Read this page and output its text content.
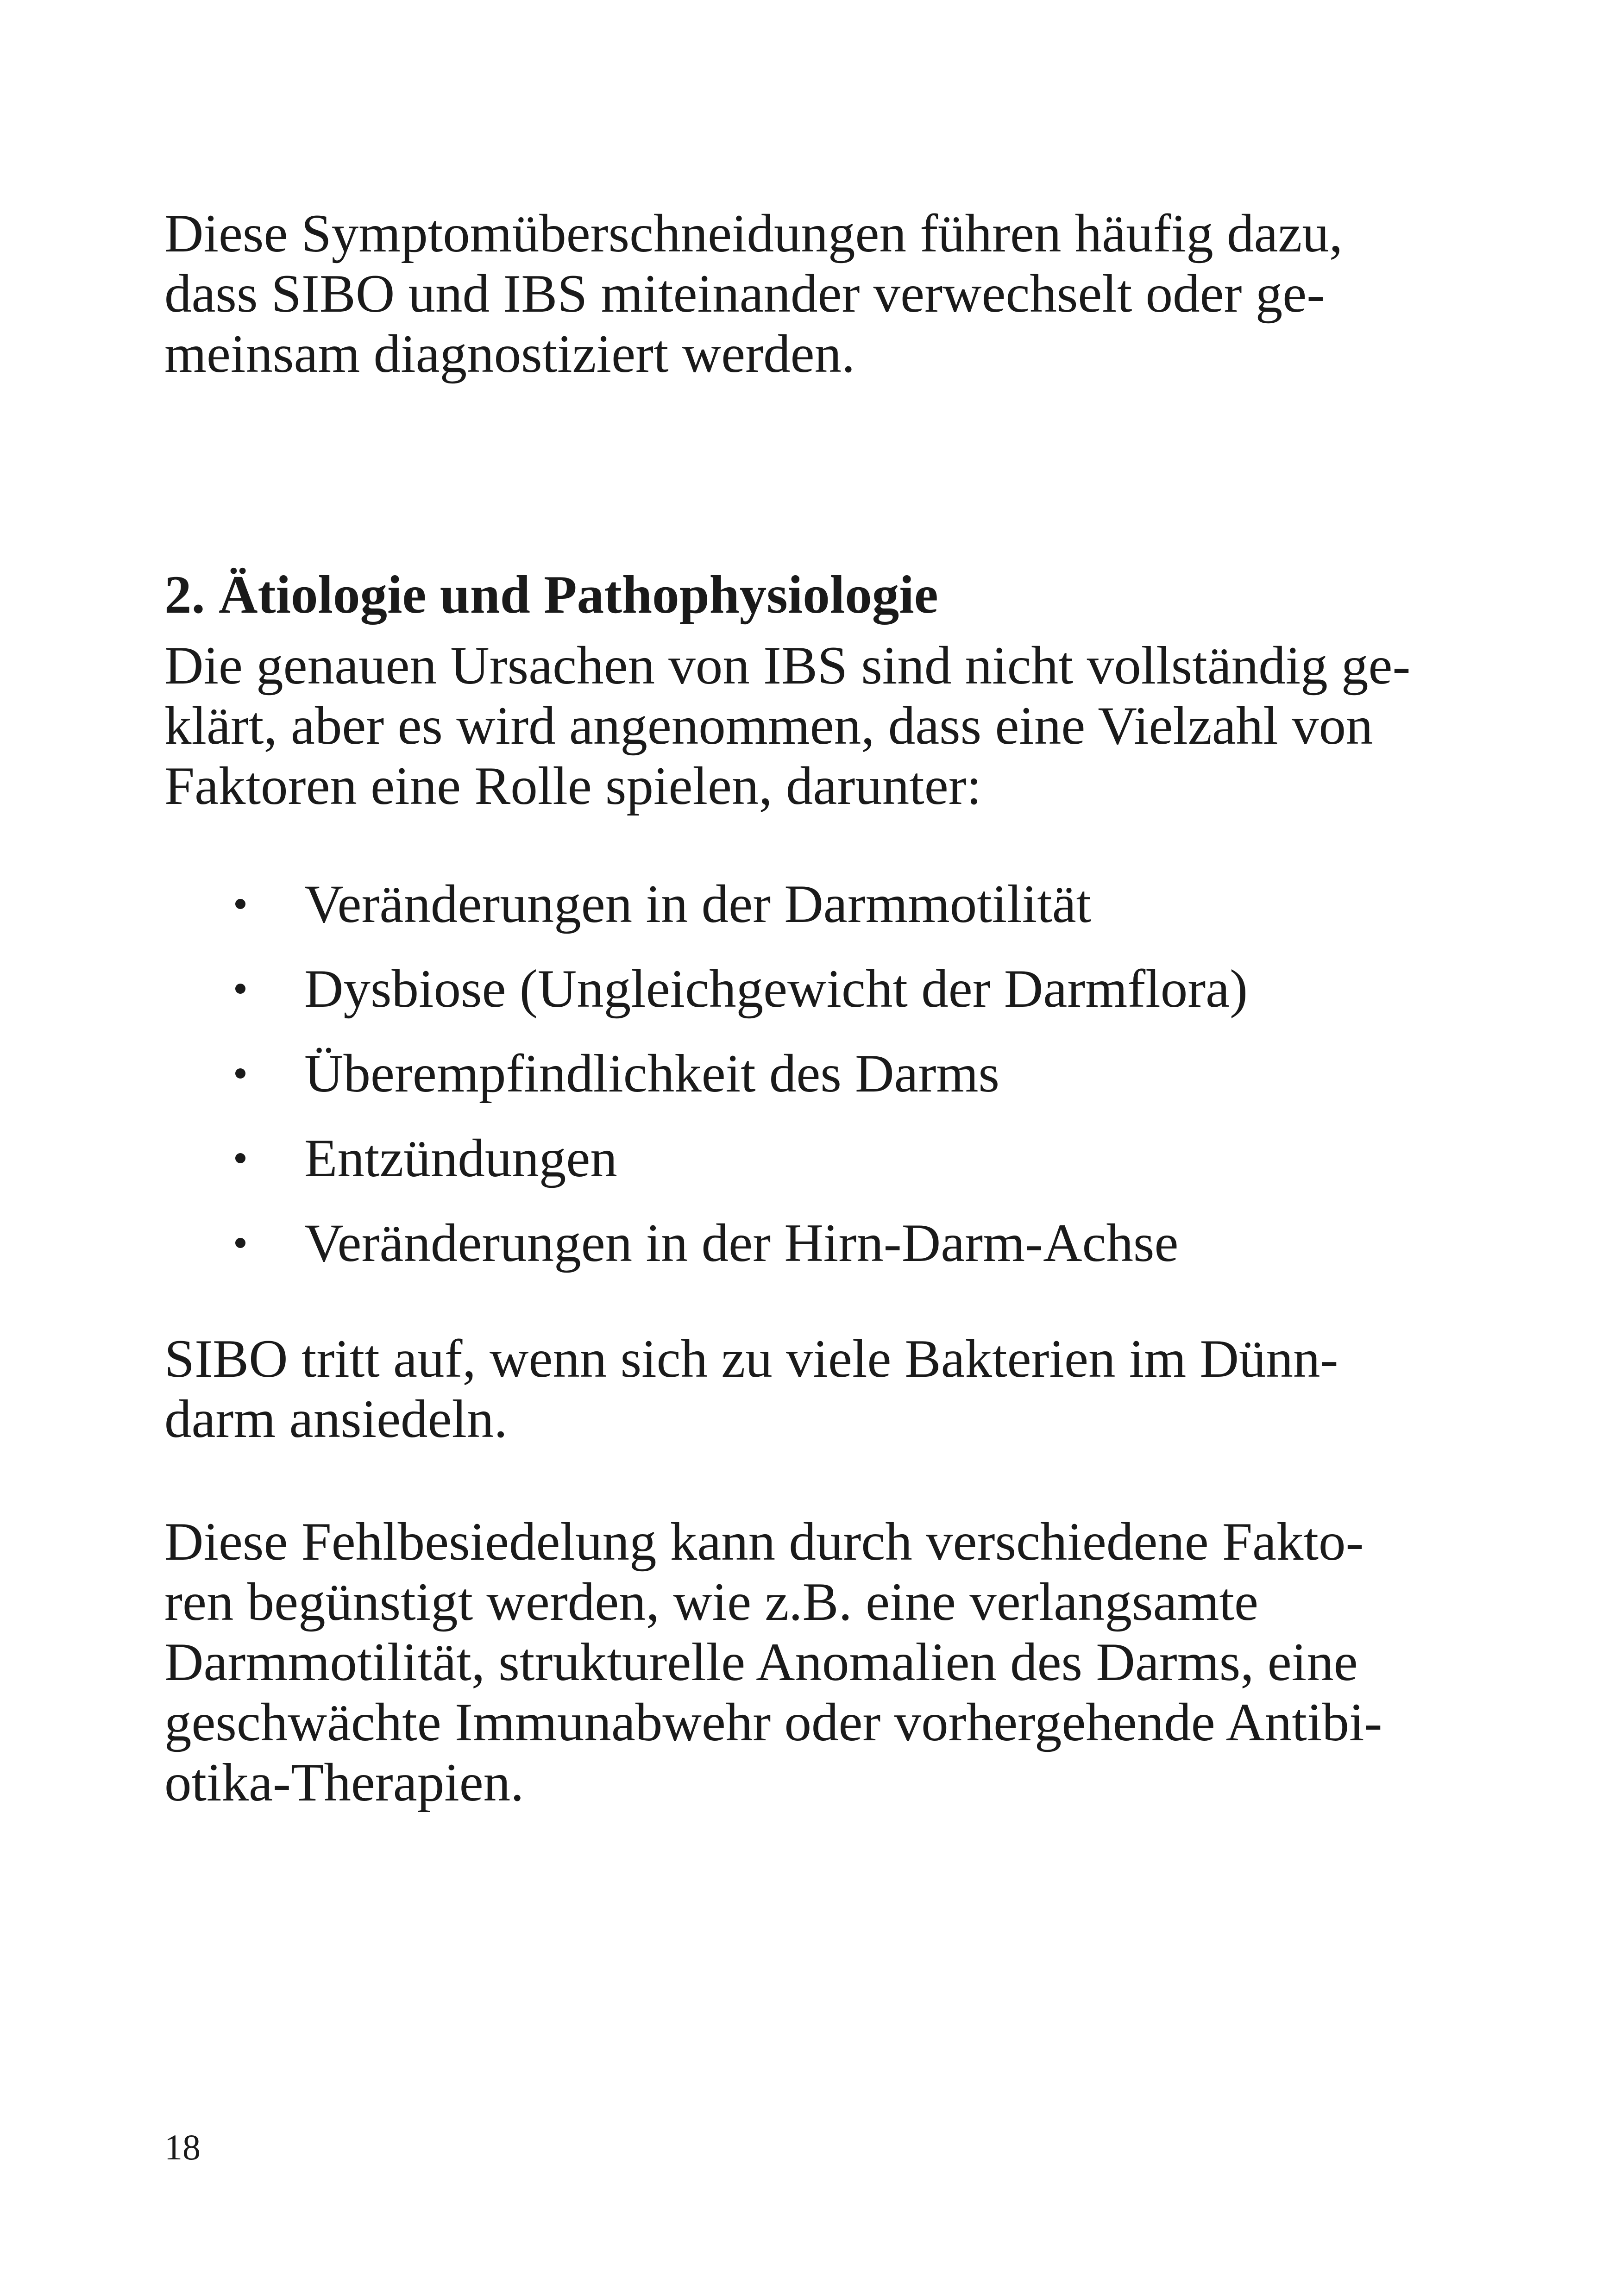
Diese Symptomüberschneidungen führen häufig dazu,

dass SIBO und IBS miteinander verwechselt oder ge-

meinsam diagnostiziert werden.

2. Ätiologie und Pathophysiologie

Die genauen Ursachen von IBS sind nicht vollständig ge-

klärt, aber es wird angenommen, dass eine Vielzahl von

Faktoren eine Rolle spielen, darunter:

Veränderungen in der Darmmotilität
Dysbiose (Ungleichgewicht der Darmflora)
Überempfindlichkeit des Darms
Entzündungen
Veränderungen in der Hirn-Darm-Achse

SIBO tritt auf, wenn sich zu viele Bakterien im Dünn-

darm ansiedeln.

Diese Fehlbesiedelung kann durch verschiedene Fakto-

ren begünstigt werden, wie z.B. eine verlangsamte

Darmmotilität, strukturelle Anomalien des Darms, eine

geschwächte Immunabwehr oder vorhergehende Antibi-

otika-Therapien.

18
